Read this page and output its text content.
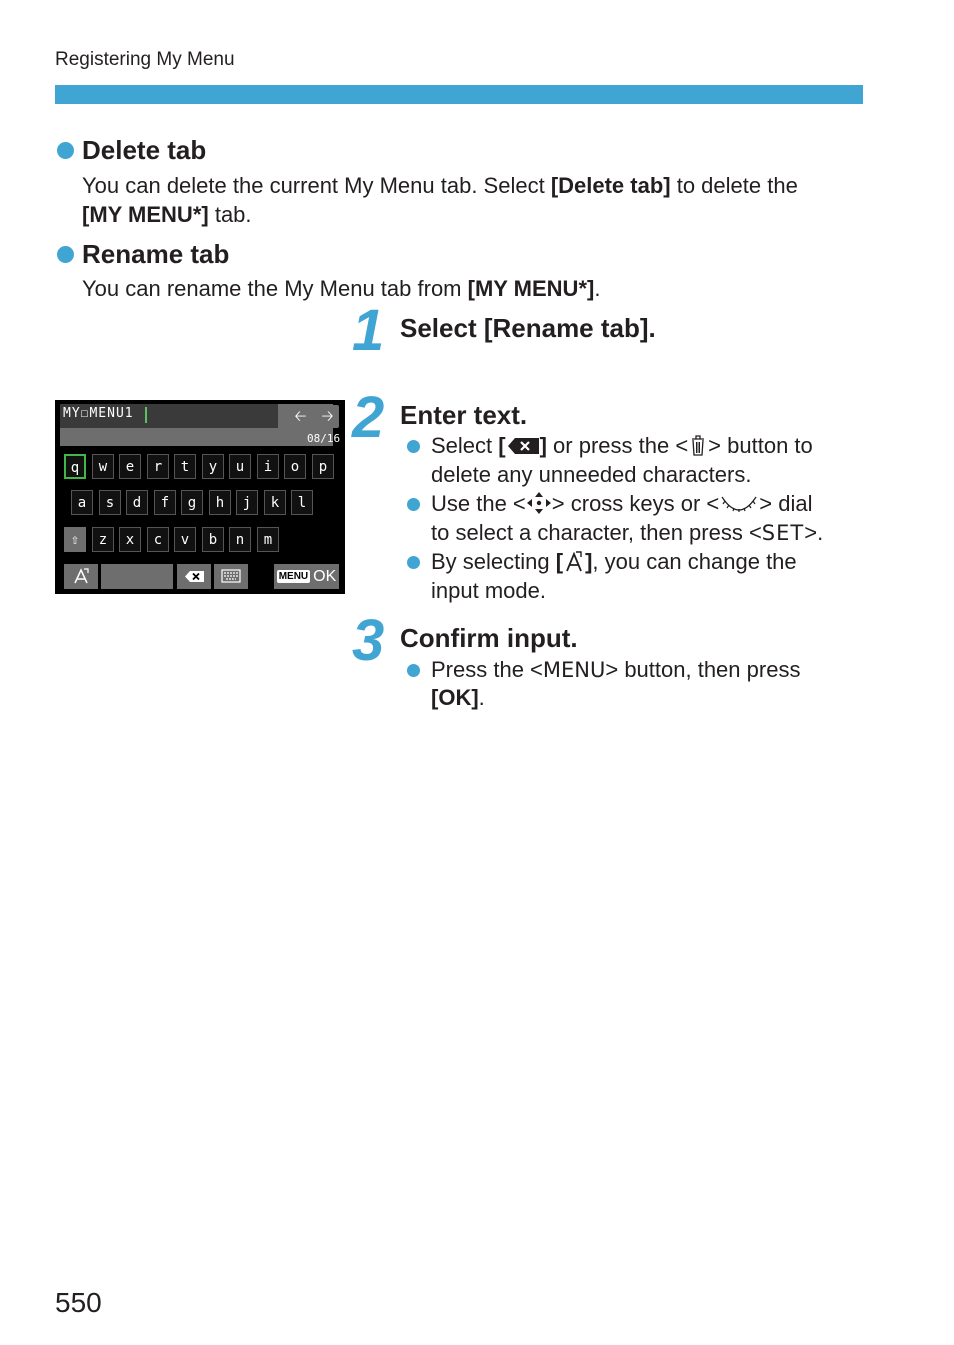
Registering My Menu
Delete tab
You can delete the current My Menu tab. Select [Delete tab] to delete the
[MY MENU*] tab.
Rename tab
You can rename the My Menu tab from [MY MENU*].
1 Select [Rename tab].
MY☐MENU1	🡠 🡢
08/16
q	w	e	r	t	y	u	i	o	p
a	s	d	f	g	h	j	k	l
⇧	z	x	c	v	b	n	m
MENU OK
2 Enter text.
Select [ ] or press the < > button to
delete any unneeded characters.
Use the < > cross keys or < > dial
to select a character, then press <SET>.
By selecting [ ], you can change the
input mode.
3 Confirm input.
Press the <MENU> button, then press
[OK].
550
